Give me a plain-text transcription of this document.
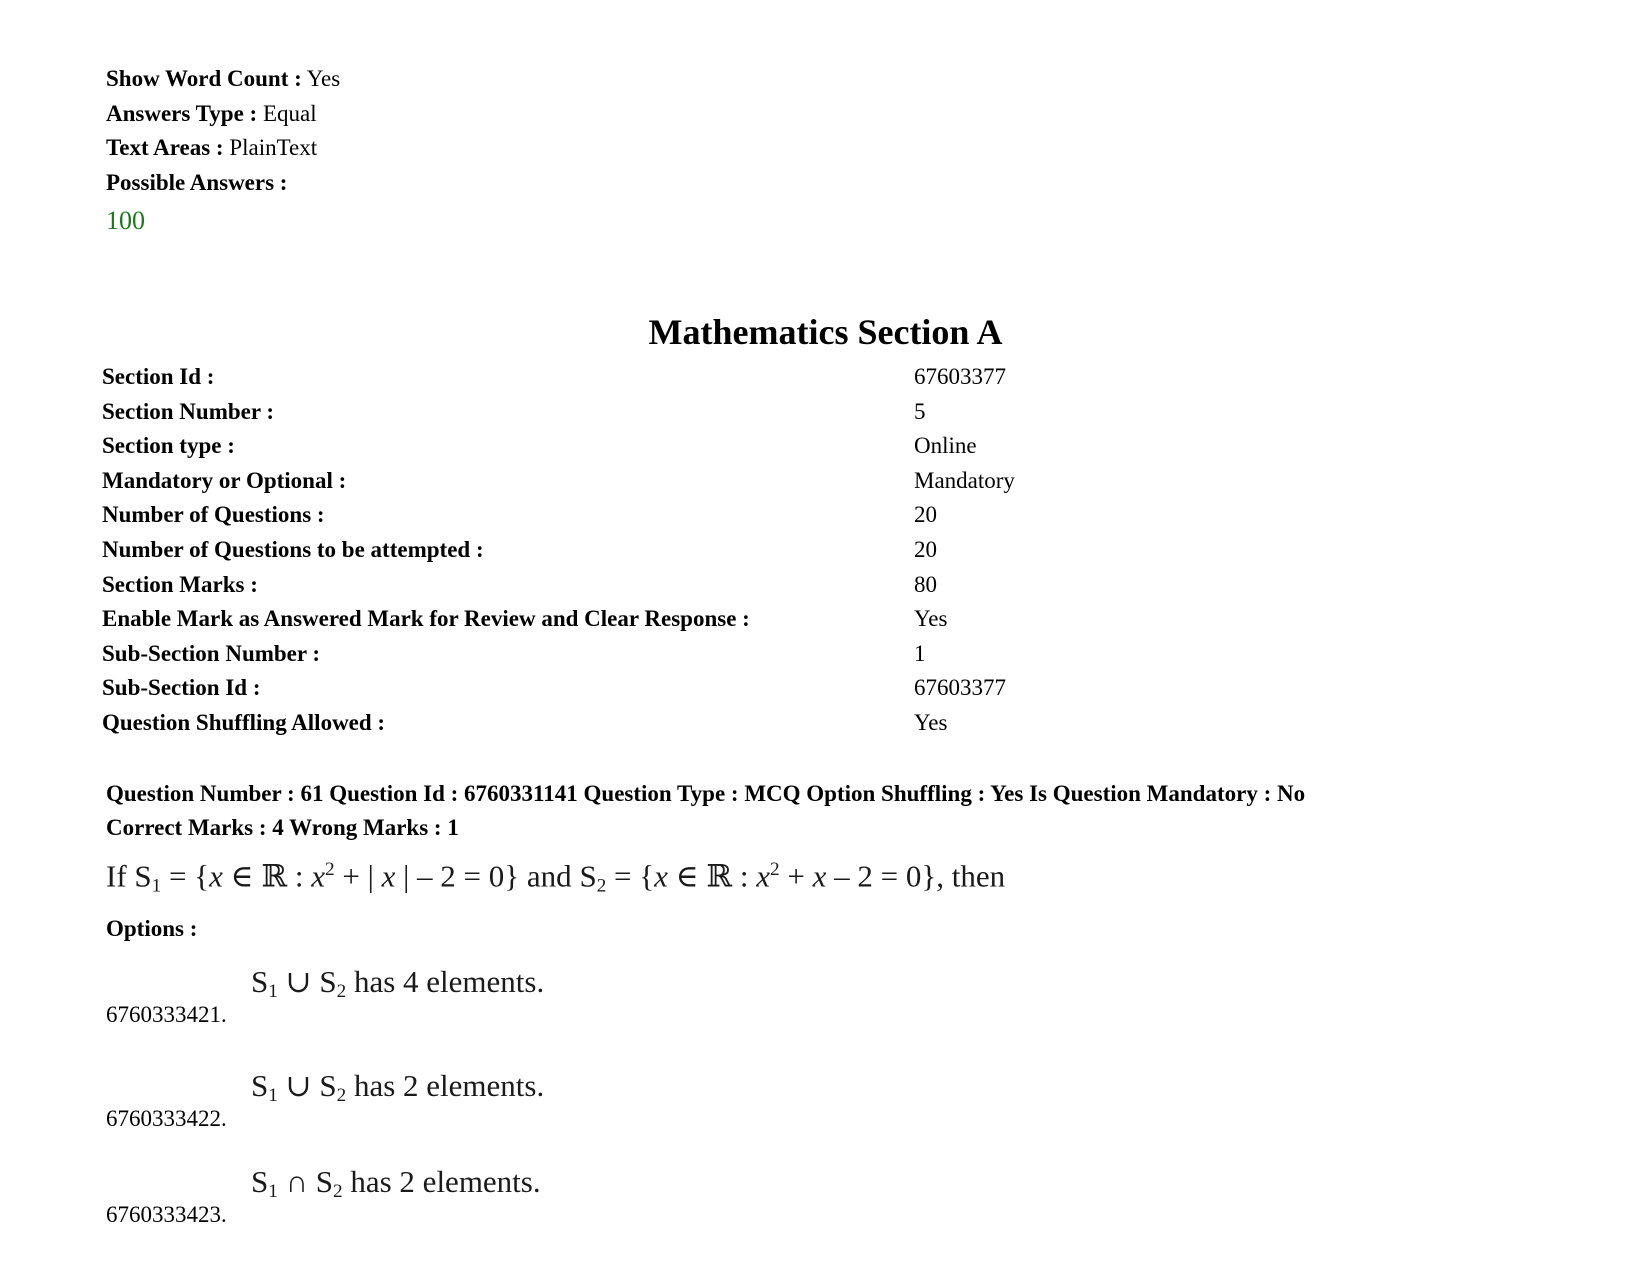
Show Word Count : Yes
Answers Type : Equal
Text Areas : PlainText
Possible Answers :
100
Mathematics Section A
Section Id :	67603377
Section Number :	5
Section type :	Online
Mandatory or Optional :	Mandatory
Number of Questions :	20
Number of Questions to be attempted :	20
Section Marks :	80
Enable Mark as Answered Mark for Review and Clear Response :	Yes
Sub-Section Number :	1
Sub-Section Id :	67603377
Question Shuffling Allowed :	Yes
Question Number : 61 Question Id : 6760331141 Question Type : MCQ Option Shuffling : Yes Is Question Mandatory : No
Correct Marks : 4 Wrong Marks : 1
If $S_1 = \{x$ ∈ ℝ : $x^2$ + | x | – 2 = 0} and $S_2 = \{x$ ∈ ℝ : $x^2 + x - 2 = 0$}, then
Options :
6760333421.
$S_1$ ∪ $S_2$ has 4 elements.
6760333422.
$S_1$ ∪ $S_2$ has 2 elements.
6760333423.
$S_1$ ∩ $S_2$ has 2 elements.
